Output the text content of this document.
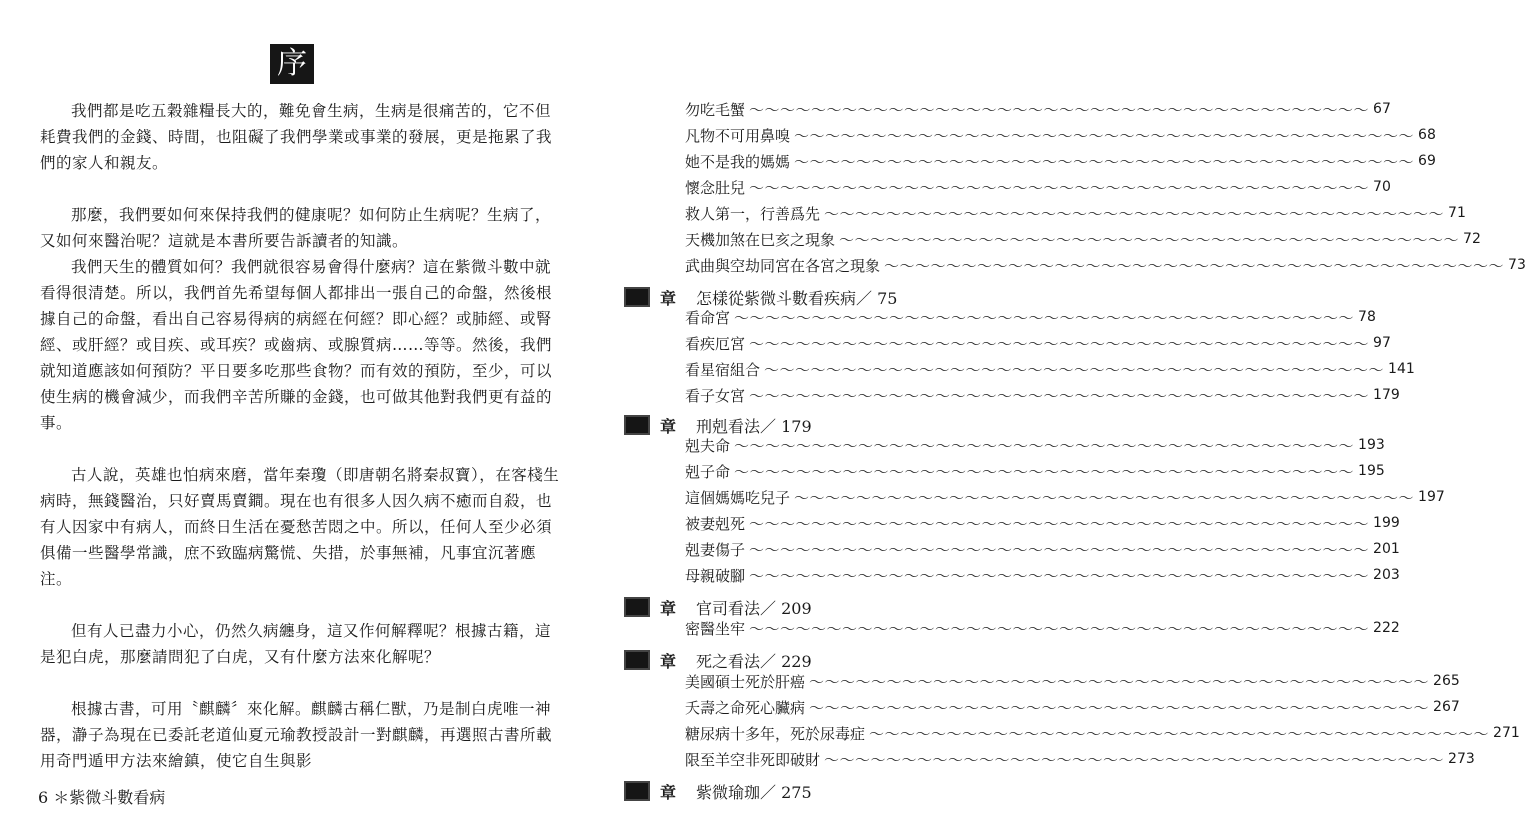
序

我們都是吃五穀雜糧長大的，難免會生病，生病是很痛苦的，它不但耗費我們的金錢、時間，也阻礙了我們學業或事業的發展，更是拖累了我們的家人和親友。

那麼，我們要如何來保持我們的健康呢？如何防止生病呢？生病了，又如何來醫治呢？這就是本書所要告訴讀者的知識。

我們天生的體質如何？我們就很容易會得什麼病？這在紫微斗數中就看得很清楚。所以，我們首先希望每個人都排出一張自己的命盤，然後根據自己的命盤，看出自己容易得病的病經在何經？即心經？或肺經、或腎經、或肝經？或目疾、或耳疾？或齒病、或腺質病……等等。然後，我們就知道應該如何預防？平日要多吃那些食物？而有效的預防，至少，可以使生病的機會減少，而我們辛苦所賺的金錢，也可做其他對我們更有益的事。

古人說，英雄也怕病來磨，當年秦瓊（即唐朝名將秦叔寶），在客棧生病時，無錢醫治，只好賣馬賣鐧。現在也有很多人因久病不癒而自殺，也有人因家中有病人，而終日生活在憂愁苦悶之中。所以，任何人至少必須俱備一些醫學常識，庶不致臨病驚慌、失措，於事無補，凡事宜沉著應注。

但有人已盡力小心，仍然久病纏身，這又作何解釋呢？根據古籍，這是犯白虎，那麼請問犯了白虎，又有什麼方法來化解呢？

根據古書，可用〝麒麟〞來化解。麒麟古稱仁獸，乃是制白虎唯一神器，瀞子為現在已委託老道仙夏元瑜教授設計一對麒麟，再選照古書所載用奇門遁甲方法來繪鎮，使它自生與影

6 ＊紫微斗數看病
勿吃毛蟹 ～～～～～～～～～～～～～～～～～～～～～～～～～～～～～～～～～～～～～～～～ 67
凡物不可用鼻嗅 ～～～～～～～～～～～～～～～～～～～～～～～～～～～～～～～～～～～～～～～～ 68
她不是我的媽媽 ～～～～～～～～～～～～～～～～～～～～～～～～～～～～～～～～～～～～～～～～ 69
懷念肚兒 ～～～～～～～～～～～～～～～～～～～～～～～～～～～～～～～～～～～～～～～～ 70
救人第一，行善爲先 ～～～～～～～～～～～～～～～～～～～～～～～～～～～～～～～～～～～～～～～～ 71
天機加煞在巳亥之現象 ～～～～～～～～～～～～～～～～～～～～～～～～～～～～～～～～～～～～～～～～ 72
武曲與空劫同宮在各宮之現象 ～～～～～～～～～～～～～～～～～～～～～～～～～～～～～～～～～～～～～～～～ 73
章 怎樣從紫微斗數看疾病／ 75
看命宮 ～～～～～～～～～～～～～～～～～～～～～～～～～～～～～～～～～～～～～～～～ 78
看疾厄宮 ～～～～～～～～～～～～～～～～～～～～～～～～～～～～～～～～～～～～～～～～ 97
看星宿組合 ～～～～～～～～～～～～～～～～～～～～～～～～～～～～～～～～～～～～～～～～ 141
看子女宮 ～～～～～～～～～～～～～～～～～～～～～～～～～～～～～～～～～～～～～～～～ 179
章 刑剋看法／ 179
剋夫命 ～～～～～～～～～～～～～～～～～～～～～～～～～～～～～～～～～～～～～～～～ 193
剋子命 ～～～～～～～～～～～～～～～～～～～～～～～～～～～～～～～～～～～～～～～～ 195
這個媽媽吃兒子 ～～～～～～～～～～～～～～～～～～～～～～～～～～～～～～～～～～～～～～～～ 197
被妻剋死 ～～～～～～～～～～～～～～～～～～～～～～～～～～～～～～～～～～～～～～～～ 199
剋妻傷子 ～～～～～～～～～～～～～～～～～～～～～～～～～～～～～～～～～～～～～～～～ 201
母親破腳 ～～～～～～～～～～～～～～～～～～～～～～～～～～～～～～～～～～～～～～～～ 203
章 官司看法／ 209
密醫坐牢 ～～～～～～～～～～～～～～～～～～～～～～～～～～～～～～～～～～～～～～～～ 222
章 死之看法／ 229
美國碩士死於肝癌 ～～～～～～～～～～～～～～～～～～～～～～～～～～～～～～～～～～～～～～～～ 265
夭壽之命死心臟病 ～～～～～～～～～～～～～～～～～～～～～～～～～～～～～～～～～～～～～～～～ 267
糖尿病十多年，死於尿毒症 ～～～～～～～～～～～～～～～～～～～～～～～～～～～～～～～～～～～～～～～～ 271
限至羊空非死即破財 ～～～～～～～～～～～～～～～～～～～～～～～～～～～～～～～～～～～～～～～～ 273
章 紫微瑜珈／ 275
